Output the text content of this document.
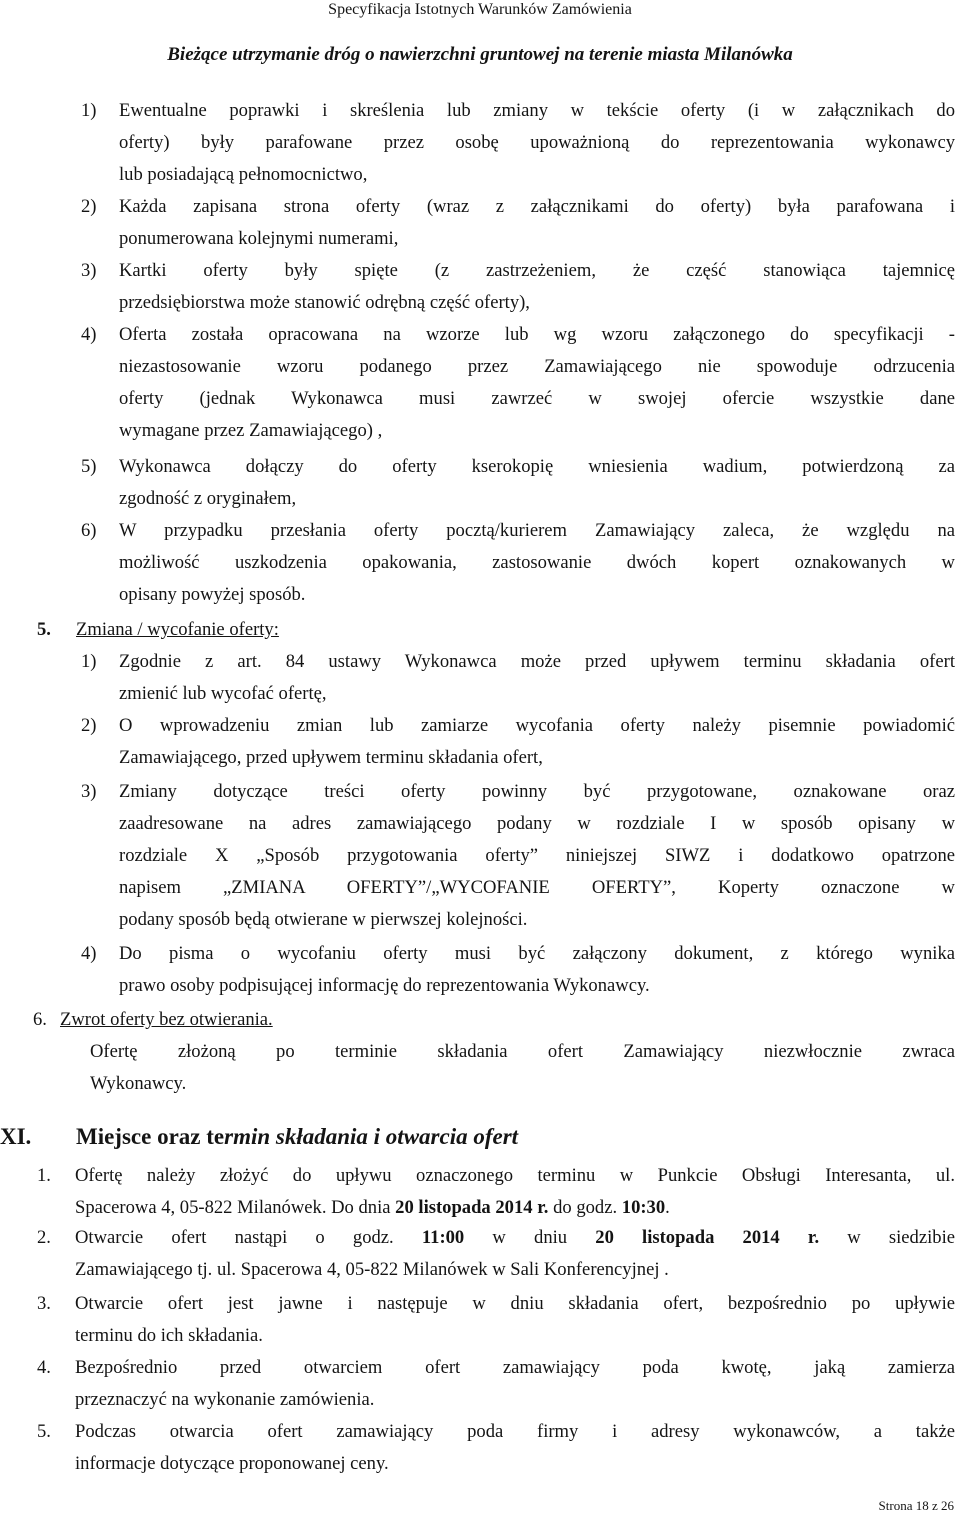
Specyfikacja Istotnych Warunków Zamówienia
Bieżące utrzymanie dróg o nawierzchni gruntowej na terenie miasta Milanówka
1) Ewentualne poprawki i skreślenia lub zmiany w tekście oferty (i w załącznikach do
oferty) były parafowane przez osobę upoważnioną do reprezentowania wykonawcy
lub posiadającą pełnomocnictwo,
2) Każda zapisana strona oferty (wraz z załącznikami do oferty) była parafowana i
ponumerowana kolejnymi numerami,
3) Kartki oferty były spięte (z zastrzeżeniem, że część stanowiąca tajemnicę
przedsiębiorstwa może stanowić odrębną część oferty),
4) Oferta została opracowana na wzorze lub wg wzoru załączonego do specyfikacji -
niezastosowanie wzoru podanego przez Zamawiającego nie spowoduje odrzucenia
oferty (jednak Wykonawca musi zawrzeć w swojej ofercie wszystkie dane
wymagane przez Zamawiającego) ,
5) Wykonawca dołączy do oferty kserokopię wniesienia wadium, potwierdzoną za
zgodność z oryginałem,
6) W przypadku przesłania oferty pocztą/kurierem Zamawiający zaleca, że względu na
możliwość uszkodzenia opakowania, zastosowanie dwóch kopert oznakowanych w
opisany powyżej sposób.
5. Zmiana / wycofanie oferty:
1) Zgodnie z art. 84 ustawy Wykonawca może przed upływem terminu składania ofert
zmienić lub wycofać ofertę,
2) O wprowadzeniu zmian lub zamiarze wycofania oferty należy pisemnie powiadomić
Zamawiającego, przed upływem terminu składania ofert,
3) Zmiany dotyczące treści oferty powinny być przygotowane, oznakowane oraz
zaadresowane na adres zamawiającego podany w rozdziale I w sposób opisany w
rozdziale X „Sposób przygotowania oferty” niniejszej SIWZ i dodatkowo opatrzone
napisem „ZMIANA OFERTY”/„WYCOFANIE OFERTY”, Koperty oznaczone w
podany sposób będą otwierane w pierwszej kolejności.
4) Do pisma o wycofaniu oferty musi być załączony dokument, z którego wynika
prawo osoby podpisującej informację do reprezentowania Wykonawcy.
6. Zwrot oferty bez otwierania.
Ofertę złożoną po terminie składania ofert Zamawiający niezwłocznie zwraca
Wykonawcy.
XI. Miejsce oraz termin składania i otwarcia ofert
1. Ofertę należy złożyć do upływu oznaczonego terminu w Punkcie Obsługi Interesanta, ul.
Spacerowa 4, 05-822 Milanówek. Do dnia 20 listopada 2014 r. do godz. 10:30.
2. Otwarcie ofert nastąpi o godz. 11:00 w dniu 20 listopada 2014 r. w siedzibie
Zamawiającego tj. ul. Spacerowa 4, 05-822 Milanówek w Sali Konferencyjnej .
3. Otwarcie ofert jest jawne i następuje w dniu składania ofert, bezpośrednio po upływie
terminu do ich składania.
4. Bezpośrednio przed otwarciem ofert zamawiający poda kwotę, jaką zamierza
przeznaczyć na wykonanie zamówienia.
5. Podczas otwarcia ofert zamawiający poda firmy i adresy wykonawców, a także
informacje dotyczące proponowanej ceny.
Strona 18 z 26
